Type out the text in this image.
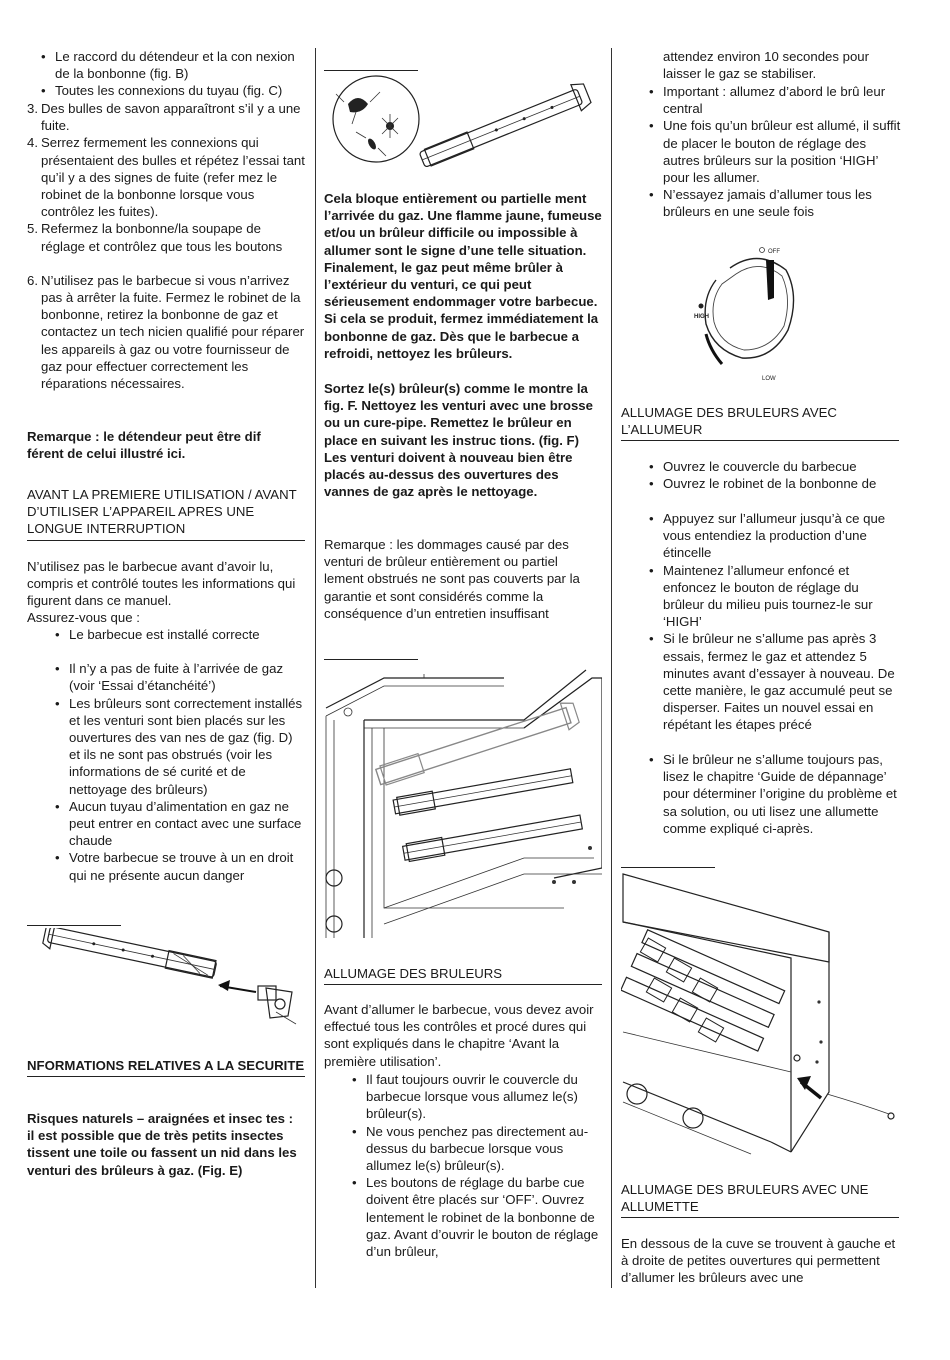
• Le raccord du détendeur et la con nexion de la bonbonne (fig. B)
• Toutes les connexions du tuyau (fig. C)
3. Des bulles de savon apparaîtront s’il y a une fuite.
4. Serrez fermement les connexions qui présentaient des bulles et répétez l’essai tant qu’il y a des signes de fuite (refer mez le robinet de la bonbonne lorsque vous contrôlez les fuites).
5. Refermez la bonbonne/la soupape de réglage et contrôlez que tous les boutons
6. N’utilisez pas le barbecue si vous n’arrivez pas à arrêter la fuite. Fermez le robinet de la bonbonne, retirez la bonbonne de gaz et contactez un tech nicien qualifié pour réparer les appareils à gaz ou votre fournisseur de gaz pour effectuer correctement les réparations nécessaires.

Remarque : le détendeur peut être dif férent de celui illustré ici.

AVANT LA PREMIERE UTILISATION / AVANT D’UTILISER L’APPAREIL APRES UNE LONGUE INTERRUPTION

N’utilisez pas le barbecue avant d’avoir lu, compris et contrôlé toutes les informations qui figurent dans ce manuel.

Assurez-vous que :

• Le barbecue est installé correcte
• Il n’y a pas de fuite à l’arrivée de gaz (voir ‘Essai d’étanchéité’)
• Les brûleurs sont correctement installés et les venturi sont bien placés sur les ouvertures des van nes de gaz (fig. D) et ils ne sont pas obstrués (voir les informations de sé curité et de nettoyage des brûleurs)
• Aucun tuyau d’alimentation en gaz ne peut entrer en contact avec une surface chaude
• Votre barbecue se trouve à un en droit qui ne présente aucun danger

NFORMATIONS RELATIVES A LA SECURITE

Risques naturels – araignées et insec tes : il est possible que de très petits insectes tissent une toile ou fassent un nid dans les venturi des brûleurs à gaz. (Fig. E)

Cela bloque entièrement ou partielle ment l’arrivée du gaz. Une flamme jaune, fumeuse et/ou un brûleur difficile ou impossible à allumer sont le signe d’une telle situation. Finalement, le gaz peut même brûler à l’extérieur du venturi, ce qui peut sérieusement endommager votre barbecue. Si cela se produit, fermez immédiatement la bonbonne de gaz. Dès que le barbecue a refroidi, nettoyez les brûleurs.

Sortez le(s) brûleur(s) comme le montre la fig. F. Nettoyez les venturi avec une brosse ou un cure-pipe. Remettez le brûleur en place en suivant les instruc tions. (fig. F) Les venturi doivent à nouveau bien être placés au-dessus des ouvertures des vannes de gaz après le nettoyage.

Remarque : les dommages causé par des venturi de brûleur entièrement ou partiel lement obstrués ne sont pas couverts par la garantie et sont considérés comme la conséquence d’un entretien insuffisant

ALLUMAGE DES BRULEURS

Avant d’allumer le barbecue, vous devez avoir effectué tous les contrôles et procé dures qui sont expliqués dans le chapitre ‘Avant la première utilisation’.

• Il faut toujours ouvrir le couvercle du barbecue lorsque vous allumez le(s) brûleur(s).
• Ne vous penchez pas directement au-dessus du barbecue lorsque vous allumez le(s) brûleur(s).
• Les boutons de réglage du barbe cue doivent être placés sur ‘OFF’. Ouvrez lentement le robinet de la bonbonne de gaz. Avant d’ouvrir le bouton de réglage d’un brûleur,

attendez environ 10 secondes pour laisser le gaz se stabiliser.

• Important : allumez d’abord le brû leur central
• Une fois qu’un brûleur est allumé, il suffit de placer le bouton de réglage des autres brûleurs sur la position ‘HIGH’ pour les allumer.
• N’essayez jamais d’allumer tous les brûleurs en une seule fois
OFF
HIGH
LOW

ALLUMAGE DES BRULEURS AVEC L’ALLUMEUR

• Ouvrez le couvercle du barbecue
• Ouvrez le robinet de la bonbonne de
• Appuyez sur l’allumeur jusqu’à ce que vous entendiez la production d’une étincelle
• Maintenez l’allumeur enfoncé et enfoncez le bouton de réglage du brûleur du milieu puis tournez-le sur ‘HIGH’
• Si le brûleur ne s’allume pas après 3 essais, fermez le gaz et attendez 5 minutes avant d’essayer à nouveau. De cette manière, le gaz accumulé peut se disperser. Faites un nouvel essai en répétant les étapes précé
• Si le brûleur ne s’allume toujours pas, lisez le chapitre ‘Guide de dépannage’ pour déterminer l’origine du problème et sa solution, ou uti lisez une allumette comme expliqué ci-après.

ALLUMAGE DES BRULEURS AVEC UNE ALLUMETTE

En dessous de la cuve se trouvent à gauche et à droite de petites ouvertures qui permettent d’allumer les brûleurs avec une
